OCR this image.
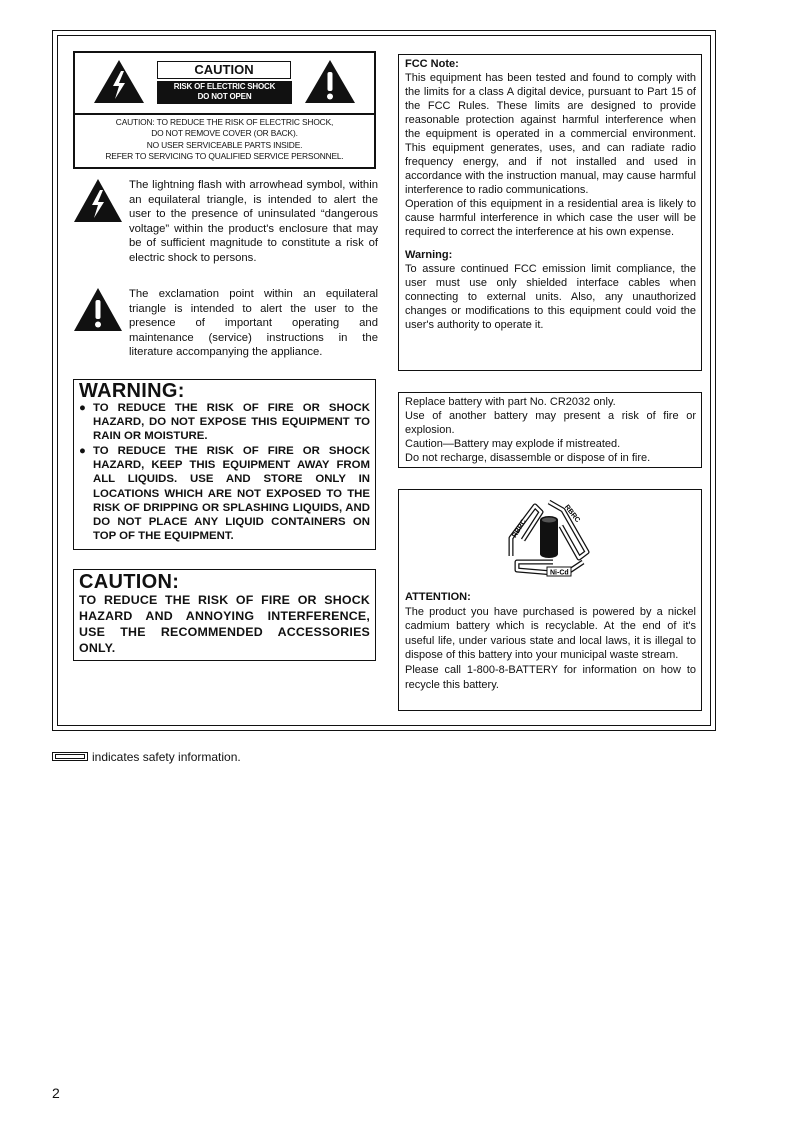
CAUTION
RISK OF ELECTRIC SHOCK
DO NOT OPEN
CAUTION: TO REDUCE THE RISK OF ELECTRIC SHOCK,
DO NOT REMOVE COVER (OR BACK).
NO USER SERVICEABLE PARTS INSIDE.
REFER TO SERVICING TO QUALIFIED SERVICE PERSONNEL.
The lightning flash with arrowhead symbol, within an equilateral triangle, is intended to alert the user to the presence of uninsulated “dangerous voltage” within the product's enclosure that may be of sufficient magnitude to constitute a risk of electric shock to persons.
The exclamation point within an equilateral triangle is intended to alert the user to the presence of important operating and maintenance (service) instructions in the literature accompanying the appliance.
WARNING:
● TO REDUCE THE RISK OF FIRE OR SHOCK HAZARD, DO NOT EXPOSE THIS EQUIPMENT TO RAIN OR MOISTURE.
● TO REDUCE THE RISK OF FIRE OR SHOCK HAZARD, KEEP THIS EQUIPMENT AWAY FROM ALL LIQUIDS. USE AND STORE ONLY IN LOCATIONS WHICH ARE NOT EXPOSED TO THE RISK OF DRIPPING OR SPLASHING LIQUIDS, AND DO NOT PLACE ANY LIQUID CONTAINERS ON TOP OF THE EQUIPMENT.
CAUTION:
TO REDUCE THE RISK OF FIRE OR SHOCK HAZARD AND ANNOYING INTERFERENCE, USE THE RECOMMENDED ACCESSORIES ONLY.
FCC Note:
This equipment has been tested and found to comply with the limits for a class A digital device, pursuant to Part 15 of the FCC Rules. These limits are designed to provide reasonable protection against harmful interference when the equipment is operated in a commercial environment. This equipment generates, uses, and can radiate radio frequency energy, and if not installed and used in accordance with the instruction manual, may cause harmful interference to radio communications.
Operation of this equipment in a residential area is likely to cause harmful interference in which case the user will be required to correct the interference at his own expense.
Warning:
To assure continued FCC emission limit compliance, the user must use only shielded interface cables when connecting to external units. Also, any unauthorized changes or modifications to this equipment could void the user's authority to operate it.
Replace battery with part No. CR2032 only.
Use of another battery may present a risk of fire or explosion.
Caution—Battery may explode if mistreated.
Do not recharge, disassemble or dispose of in fire.
RBRC
RBRC
Ni-Cd
ATTENTION:
The product you have purchased is powered by a nickel cadmium battery which is recyclable. At the end of it's useful life, under various state and local laws, it is illegal to dispose of this battery into your municipal waste stream.
Please call 1-800-8-BATTERY for information on how to recycle this battery.
indicates safety information.
2
